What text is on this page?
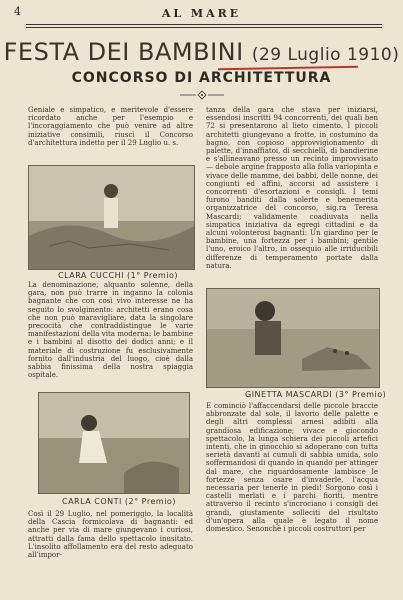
4	AL MARE
FESTA DEI BAMBINI (29 Luglio 1910)
CONCORSO DI ARCHITETTURA

Geniale e simpatico, e meritevole d'essere ricordato anche per l'esempio e l'incoraggiamento che può venire ad altre iniziative consimili, riuscì il Concorso d'architettura indetto per il 29 Luglio u. s.

tanza della gara che stava per iniziarsi, essendosi inscritti 94 concorrenti, dei quali ben 72 si presentarono al lieto cimento. I piccoli architetti giungevano a frotte, in costumino da bagno, con copioso approvvigionamento di palette, d'innaffiatoi, di secchielli, di bandierine e s'allineavano presso un recinto improvvisato — debole argine frapposto alla folla variopinta e vivace delle mamme, dei babbi, delle nonne, dei congiunti ed affini, accorsi ad assistere i concorrenti d'esortazioni e consigli. I temi furono banditi dalla solerte e benemerita organizzatrice del concorso, sig.ra Teresa Mascardi; validamente coadiuvata nella simpatica iniziativa da egregi cittadini e da alcuni volonterosi bagnanti: Un giardino per le bambine, una fortezza per i bambini; gentile l'uno, eroico l'altro, in ossequio alle irriducibili differenze di temperamento portate dalla natura.

CLARA CUCCHI (1° Premio)

La denominazione, alquanto solenne, della gara, non può trarre in inganno la colonia bagnante che con così vivo interesse ne ha seguito lo svolgimento: architetti erano cosa che non può maravigliare, data la singolare precocità che contraddistingue le varie manifestazioni della vita moderna: le bambine e i bambini al disotto dei dodici anni; e il materiale di costruzione fu esclusivamente fornito dall'industria del luogo, cioè dalla sabbia finissima della nostra spiaggia ospitale.

GINETTA MASCARDI (3° Premio)
CARLA CONTI (2° Premio)

Così il 29 Luglio, nel pomeriggio, la località della Cascia formicolava di bagnanti: ed anche per via di mare giungevano i curiosi, attratti dalla fama dello spettacolo inusitato. L'insolito affollamento era del resto adeguato all'impor-

E cominciò l'affaccendarsi delle piccole braccie abbronzate dal sole, il lavorio delle palette e degli altri complessi arnesi adibiti alla grandiosa edificazione; vivace e giocondo spettacolo, la lunga schiera dei piccoli artefici intenti, che in ginocchio si adoperano con tutta serietà davanti ai cumuli di sabbia umida, solo soffermandosi di quando in quando per attinger dal mare, che riguardosamente lambisce le fortezze senza osare d'invaderle, l'acqua necessaria per tenerle in piedi! Sorgono così i castelli merlati e i parchi fioriti, mentre attraverso il recinto s'incrociano i consigli dei grandi, giustamente solleciti del risultato d'un'opera alla quale è legato il nome domestico. Senonchè i piccoli costruttori per
